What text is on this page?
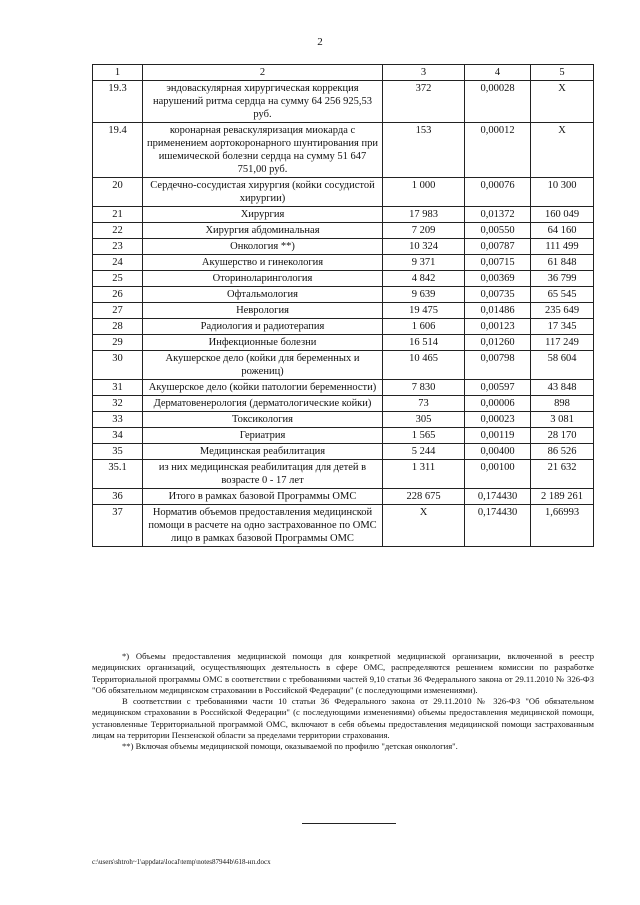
2
1	2	3	4	5
19.3	эндоваскулярная хирургическая коррекция нарушений ритма сердца на сумму 64 256 925,53 руб.	372	0,00028	Х
19.4	коронарная реваскуляризация миокарда с применением аортокоронарного шунтирования при ишемической болезни сердца на сумму 51 647 751,00 руб.	153	0,00012	Х
20	Сердечно-сосудистая хирургия (койки сосудистой хирургии)	1 000	0,00076	10 300
21	Хирургия	17 983	0,01372	160 049
22	Хирургия абдоминальная	7 209	0,00550	64 160
23	Онкология **)	10 324	0,00787	111 499
24	Акушерство и гинекология	9 371	0,00715	61 848
25	Оториноларингология	4 842	0,00369	36 799
26	Офтальмология	9 639	0,00735	65 545
27	Неврология	19 475	0,01486	235 649
28	Радиология и радиотерапия	1 606	0,00123	17 345
29	Инфекционные болезни	16 514	0,01260	117 249
30	Акушерское дело (койки для беременных и рожениц)	10 465	0,00798	58 604
31	Акушерское дело (койки патологии беременности)	7 830	0,00597	43 848
32	Дерматовенерология (дерматологические койки)	73	0,00006	898
33	Токсикология	305	0,00023	3 081
34	Гериатрия	1 565	0,00119	28 170
35	Медицинская реабилитация	5 244	0,00400	86 526
35.1	из них медицинская реабилитация для детей в возрасте 0 - 17 лет	1 311	0,00100	21 632
36	Итого в рамках базовой Программы ОМС	228 675	0,174430	2 189 261
37	Норматив объемов предоставления медицинской помощи в расчете на одно застрахованное по ОМС лицо в рамках базовой Программы ОМС	Х	0,174430	1,66993

*) Объемы предоставления медицинской помощи для конкретной медицинской организации, включенной в реестр медицинских организаций, осуществляющих деятельность в сфере ОМС, распределяются решением комиссии по разработке Территориальной программы ОМС в соответствии с требованиями частей 9,10 статьи 36 Федерального закона от 29.11.2010 № 326-ФЗ "Об обязательном медицинском страховании в Российской Федерации" (с последующими изменениями).

В соответствии с требованиями части 10 статьи 36 Федерального закона от 29.11.2010 № 326-ФЗ "Об обязательном медицинском страховании в Российской Федерации" (с последующими изменениями) объемы предоставления медицинской помощи, установленные Территориальной программой ОМС, включают в себя объемы предоставления медицинской помощи застрахованным лицам на территории Пензенской области за пределами территории страхования.

**) Включая объемы медицинской помощи, оказываемой по профилю "детская онкология".

c:\users\shtroh~1\appdata\local\temp\notes87944b\618-нп.docx
